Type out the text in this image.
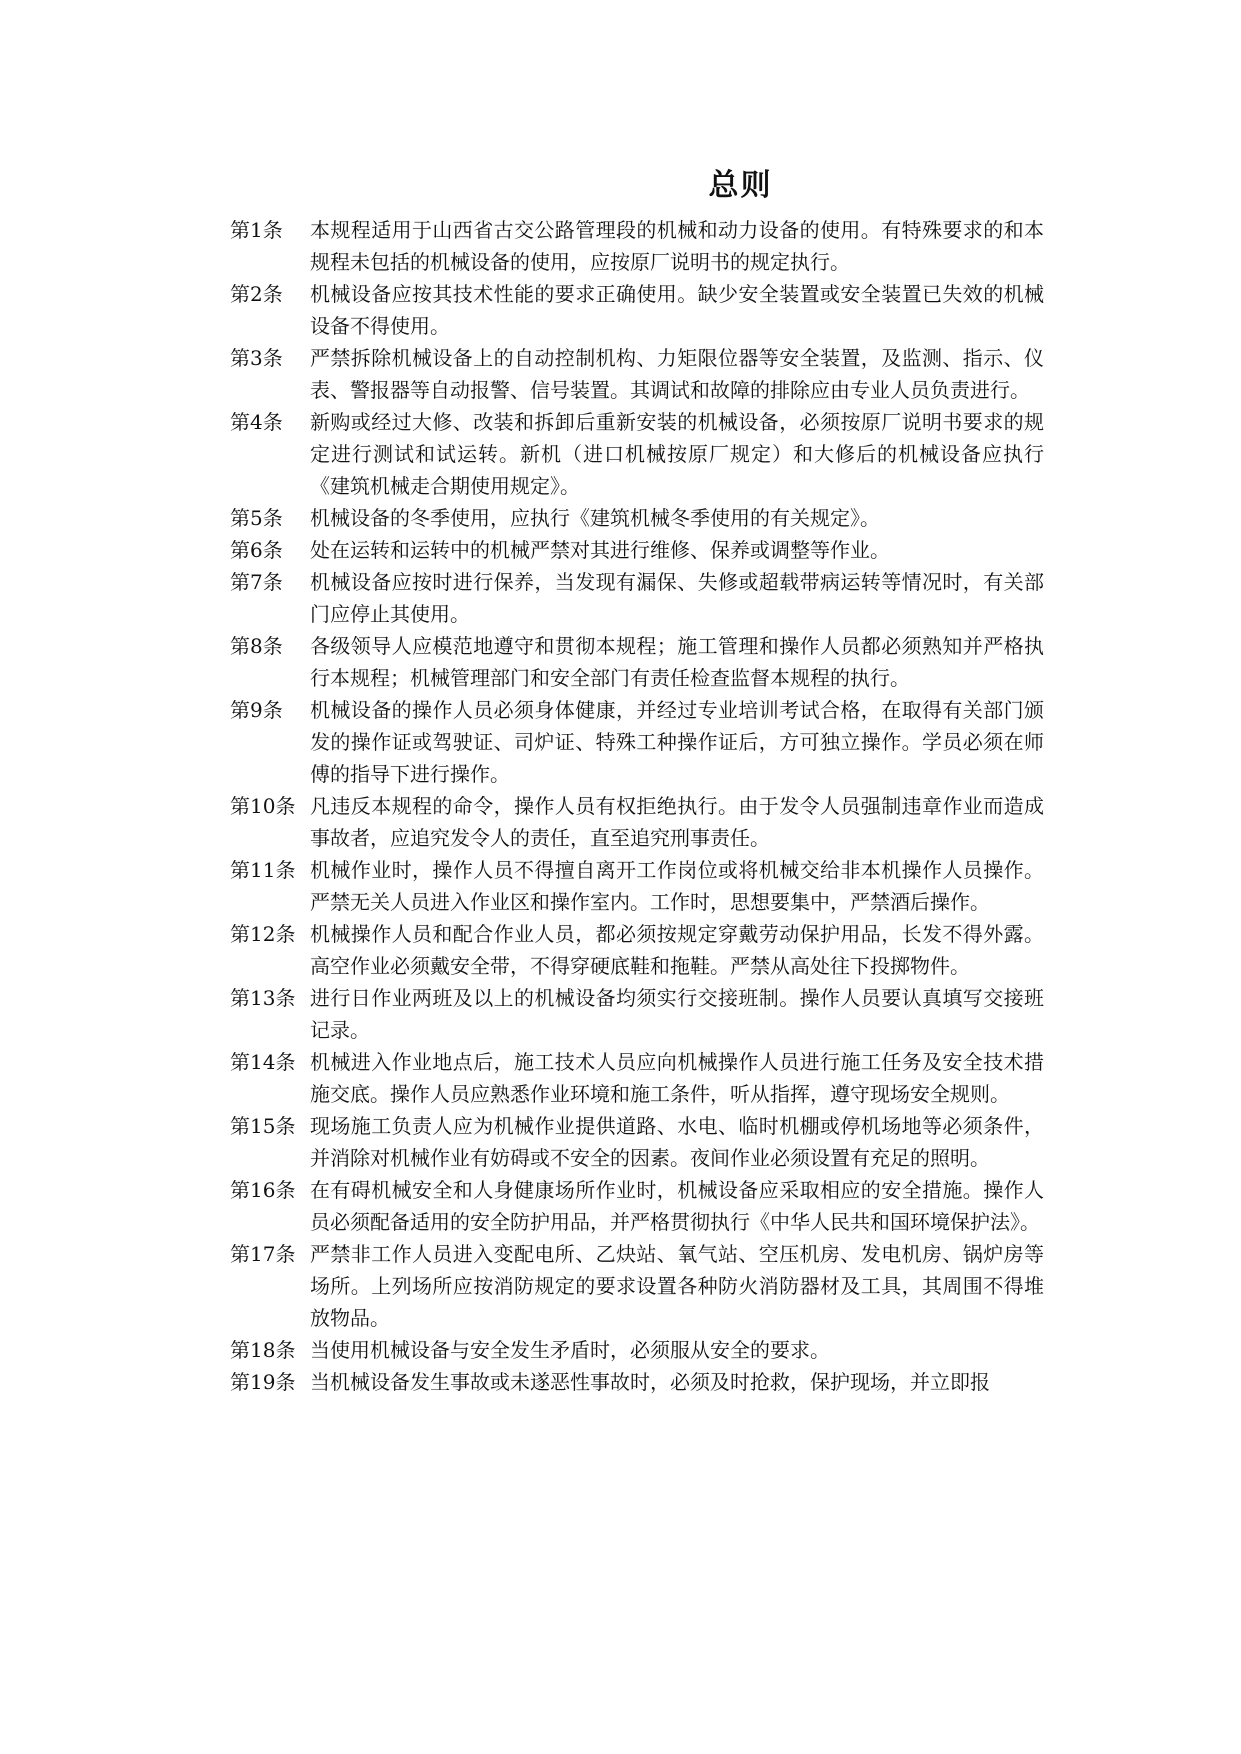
总则
第1条	本规程适用于山西省古交公路管理段的机械和动力设备的使用。有特殊要求的和本规程未包括的机械设备的使用，应按原厂说明书的规定执行。
第2条	机械设备应按其技术性能的要求正确使用。缺少安全装置或安全装置已失效的机械设备不得使用。
第3条	严禁拆除机械设备上的自动控制机构、力矩限位器等安全装置，及监测、指示、仪表、警报器等自动报警、信号装置。其调试和故障的排除应由专业人员负责进行。
第4条	新购或经过大修、改装和拆卸后重新安装的机械设备，必须按原厂说明书要求的规定进行测试和试运转。新机（进口机械按原厂规定）和大修后的机械设备应执行《建筑机械走合期使用规定》。
第5条	机械设备的冬季使用，应执行《建筑机械冬季使用的有关规定》。
第6条	处在运转和运转中的机械严禁对其进行维修、保养或调整等作业。
第7条	机械设备应按时进行保养，当发现有漏保、失修或超载带病运转等情况时，有关部门应停止其使用。
第8条	各级领导人应模范地遵守和贯彻本规程；施工管理和操作人员都必须熟知并严格执行本规程；机械管理部门和安全部门有责任检查监督本规程的执行。
第9条	机械设备的操作人员必须身体健康，并经过专业培训考试合格，在取得有关部门颁发的操作证或驾驶证、司炉证、特殊工种操作证后，方可独立操作。学员必须在师傅的指导下进行操作。
第10条 凡违反本规程的命令，操作人员有权拒绝执行。由于发令人员强制违章作业而造成事故者，应追究发令人的责任，直至追究刑事责任。
第11条 机械作业时，操作人员不得擅自离开工作岗位或将机械交给非本机操作人员操作。严禁无关人员进入作业区和操作室内。工作时，思想要集中，严禁酒后操作。
第12条 机械操作人员和配合作业人员，都必须按规定穿戴劳动保护用品，长发不得外露。高空作业必须戴安全带，不得穿硬底鞋和拖鞋。严禁从高处往下投掷物件。
第13条 进行日作业两班及以上的机械设备均须实行交接班制。操作人员要认真填写交接班记录。
第14条 机械进入作业地点后，施工技术人员应向机械操作人员进行施工任务及安全技术措施交底。操作人员应熟悉作业环境和施工条件，听从指挥，遵守现场安全规则。
第15条 现场施工负责人应为机械作业提供道路、水电、临时机棚或停机场地等必须条件，并消除对机械作业有妨碍或不安全的因素。夜间作业必须设置有充足的照明。
第16条 在有碍机械安全和人身健康场所作业时，机械设备应采取相应的安全措施。操作人员必须配备适用的安全防护用品，并严格贯彻执行《中华人民共和国环境保护法》。
第17条 严禁非工作人员进入变配电所、乙炔站、氧气站、空压机房、发电机房、锅炉房等场所。上列场所应按消防规定的要求设置各种防火消防器材及工具，其周围不得堆放物品。
第18条 当使用机械设备与安全发生矛盾时，必须服从安全的要求。
第19条 当机械设备发生事故或未遂恶性事故时，必须及时抢救，保护现场，并立即报
